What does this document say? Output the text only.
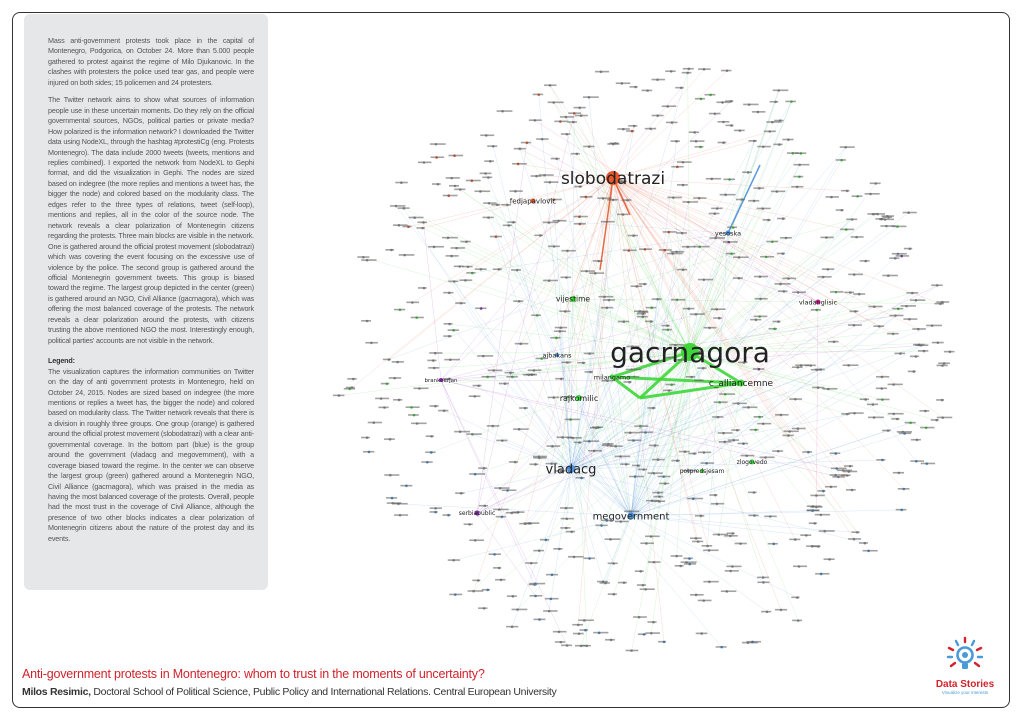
gacrnagora
slobodatrazi
vladacg
megovernment
c_alliancemne
rajkomilic
vijestime
fedjapavlovic
yesoska
vladanglisic
ajbakans
milangamo
brankoerjan
serbiapublic
potpredsjesam
zlogovedo

Mass anti-government protests took place in the capital of Montenegro, Podgorica, on October 24. More than 5.000 people gathered to protest against the regime of Milo Djukanovic. In the clashes with protesters the police used tear gas, and people were injured on both sides; 15 policemen and 24 protesters.

The Twitter network aims to show what sources of information people use in these uncertain moments. Do they rely on the official governmental sources, NGOs, political parties or private media? How polarized is the information network? I downloaded the Twitter data using NodeXL, through the hashtag #protestiCg (eng. Protests Montenegro). The data include 2000 tweets (tweets, mentions and replies combined). I exported the network from NodeXL to Gephi format, and did the visualization in Gephi. The nodes are sized based on indegree (the more replies and mentions a tweet has, the bigger the node) and colored based on the modularity class. The edges refer to the three types of relations, tweet (self-loop), mentions and replies, all in the color of the source node. The network reveals a clear polarization of Montenegrin citizens regarding the protests. Three main blocks are visible in the network. One is gathered around the official protest movement (slobodatrazi) which was covering the event focusing on the excessive use of violence by the police. The second group is gathered around the official Montenegrin government tweets. This group is biased toward the regime. The largest group depicted in the center (green) is gathered around an NGO, Civil Alliance (gacrnagora), which was offering the most balanced coverage of the protests. The network reveals a clear polarization around the protests, with citizens trusting the above mentioned NGO the most. Interestingly enough, political parties' accounts are not visible in the network.

Legend:

The visualization captures the information communities on Twitter on the day of anti government protests in Montenegro, held on October 24, 2015. Nodes are sized based on indegree (the more mentions or replies a tweet has, the bigger the node) and colored based on modularity class. The Twitter network reveals that there is a division in roughly three groups. One group (orange) is gathered around the official protest movement (slobodatrazi) with a clear anti-governmental coverage. In the bottom part (blue) is the group around the government (vladacg and megovernment), with a coverage biased toward the regime. In the center we can observe the largest group (green) gathered around a Montenegrin NGO, Civil Alliance (gacrnagora), which was praised in the media as having the most balanced coverage of the protests. Overall, people had the most trust in the coverage of Civil Alliance, although the presence of two other blocks indicates a clear polarization of Montenegrin citizens about the nature of the protest day and its events.

Anti-government protests in Montenegro: whom to trust in the moments of uncertainty?
Milos Resimic, Doctoral School of Political Science, Public Policy and International Relations. Central European University
Data Stories
Visualize your interests
